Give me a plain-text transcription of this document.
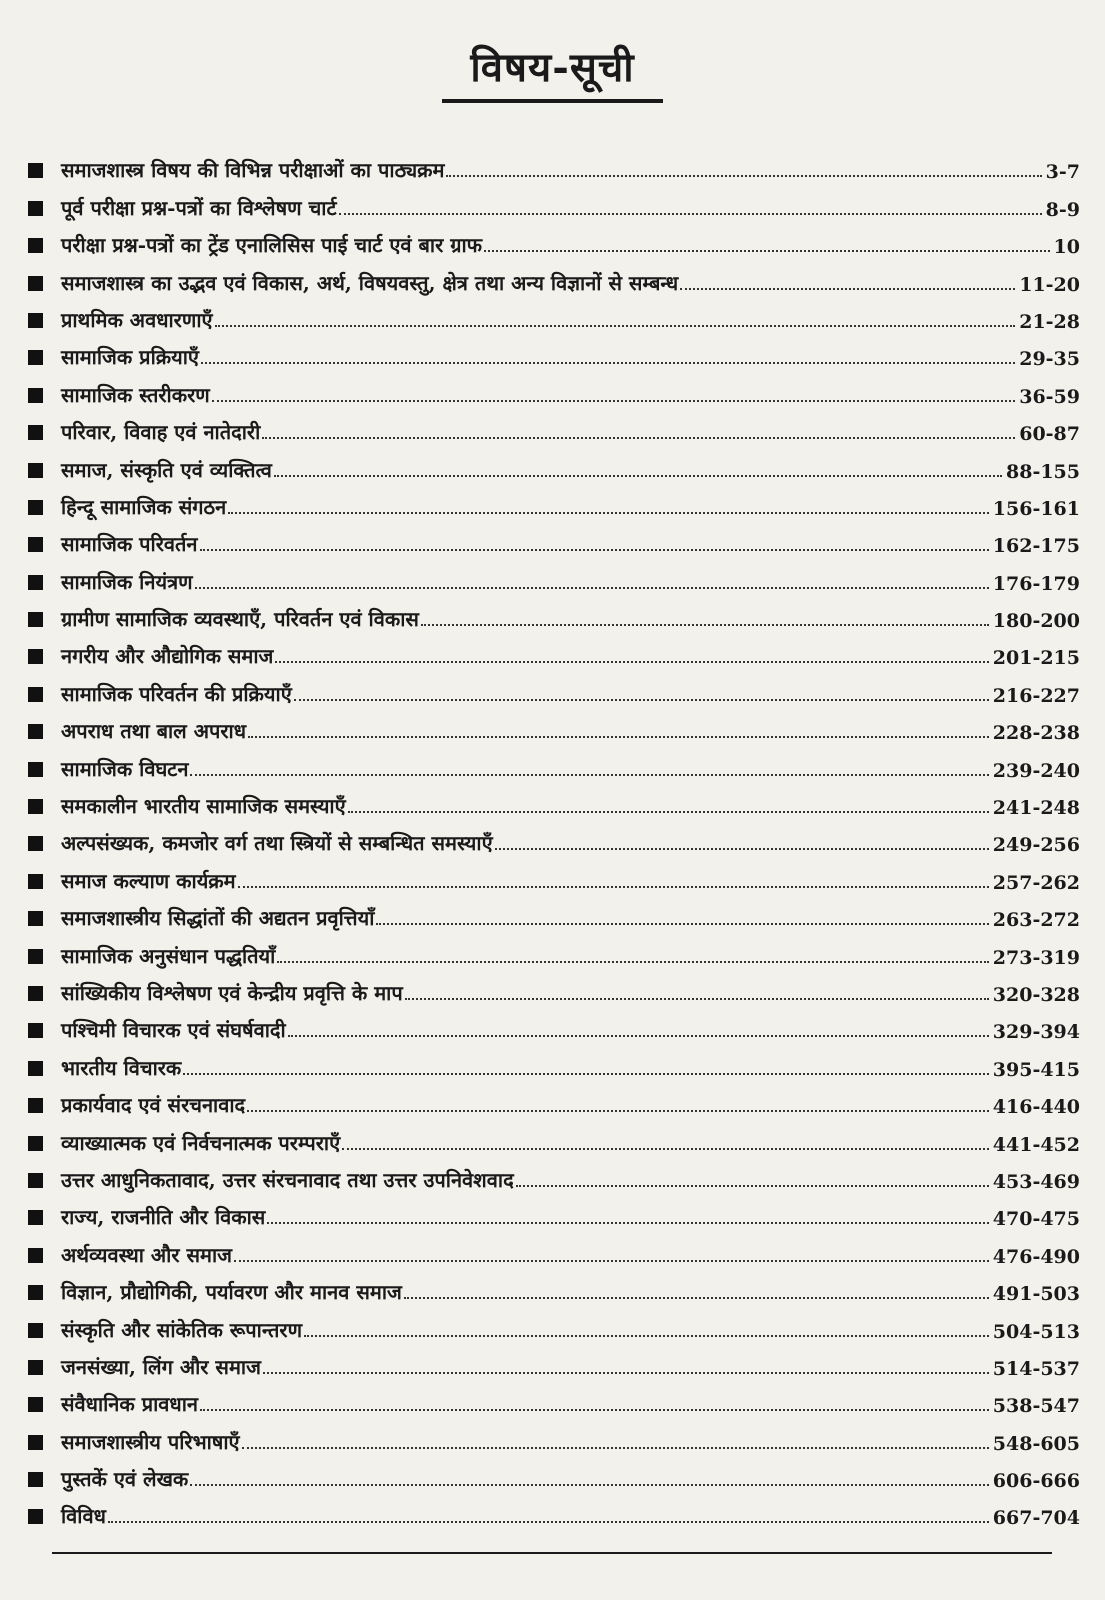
विषय-सूची
समाजशास्त्र विषय की विभिन्न परीक्षाओं का पाठ्यक्रम	3-7
पूर्व परीक्षा प्रश्न-पत्रों का विश्लेषण चार्ट	8-9
परीक्षा प्रश्न-पत्रों का ट्रेंड एनालिसिस पाई चार्ट एवं बार ग्राफ	10
समाजशास्त्र का उद्भव एवं विकास, अर्थ, विषयवस्तु, क्षेत्र तथा अन्य विज्ञानों से सम्बन्ध	11-20
प्राथमिक अवधारणाएँ	21-28
सामाजिक प्रक्रियाएँ	29-35
सामाजिक स्तरीकरण	36-59
परिवार, विवाह एवं नातेदारी	60-87
समाज, संस्कृति एवं व्यक्तित्व	88-155
हिन्दू सामाजिक संगठन	156-161
सामाजिक परिवर्तन	162-175
सामाजिक नियंत्रण	176-179
ग्रामीण सामाजिक व्यवस्थाएँ, परिवर्तन एवं विकास	180-200
नगरीय और औद्योगिक समाज	201-215
सामाजिक परिवर्तन की प्रक्रियाएँ	216-227
अपराध तथा बाल अपराध	228-238
सामाजिक विघटन	239-240
समकालीन भारतीय सामाजिक समस्याएँ	241-248
अल्पसंख्यक, कमजोर वर्ग तथा स्त्रियों से सम्बन्धित समस्याएँ	249-256
समाज कल्याण कार्यक्रम	257-262
समाजशास्त्रीय सिद्धांतों की अद्यतन प्रवृत्तियाँ	263-272
सामाजिक अनुसंधान पद्धतियाँ	273-319
सांख्यिकीय विश्लेषण एवं केन्द्रीय प्रवृत्ति के माप	320-328
पश्चिमी विचारक एवं संघर्षवादी	329-394
भारतीय विचारक	395-415
प्रकार्यवाद एवं संरचनावाद	416-440
व्याख्यात्मक एवं निर्वचनात्मक परम्पराएँ	441-452
उत्तर आधुनिकतावाद, उत्तर संरचनावाद तथा उत्तर उपनिवेशवाद	453-469
राज्य, राजनीति और विकास	470-475
अर्थव्यवस्था और समाज	476-490
विज्ञान, प्रौद्योगिकी, पर्यावरण और मानव समाज	491-503
संस्कृति और सांकेतिक रूपान्तरण	504-513
जनसंख्या, लिंग और समाज	514-537
संवैधानिक प्रावधान	538-547
समाजशास्त्रीय परिभाषाएँ	548-605
पुस्तकें एवं लेखक	606-666
विविध	667-704
